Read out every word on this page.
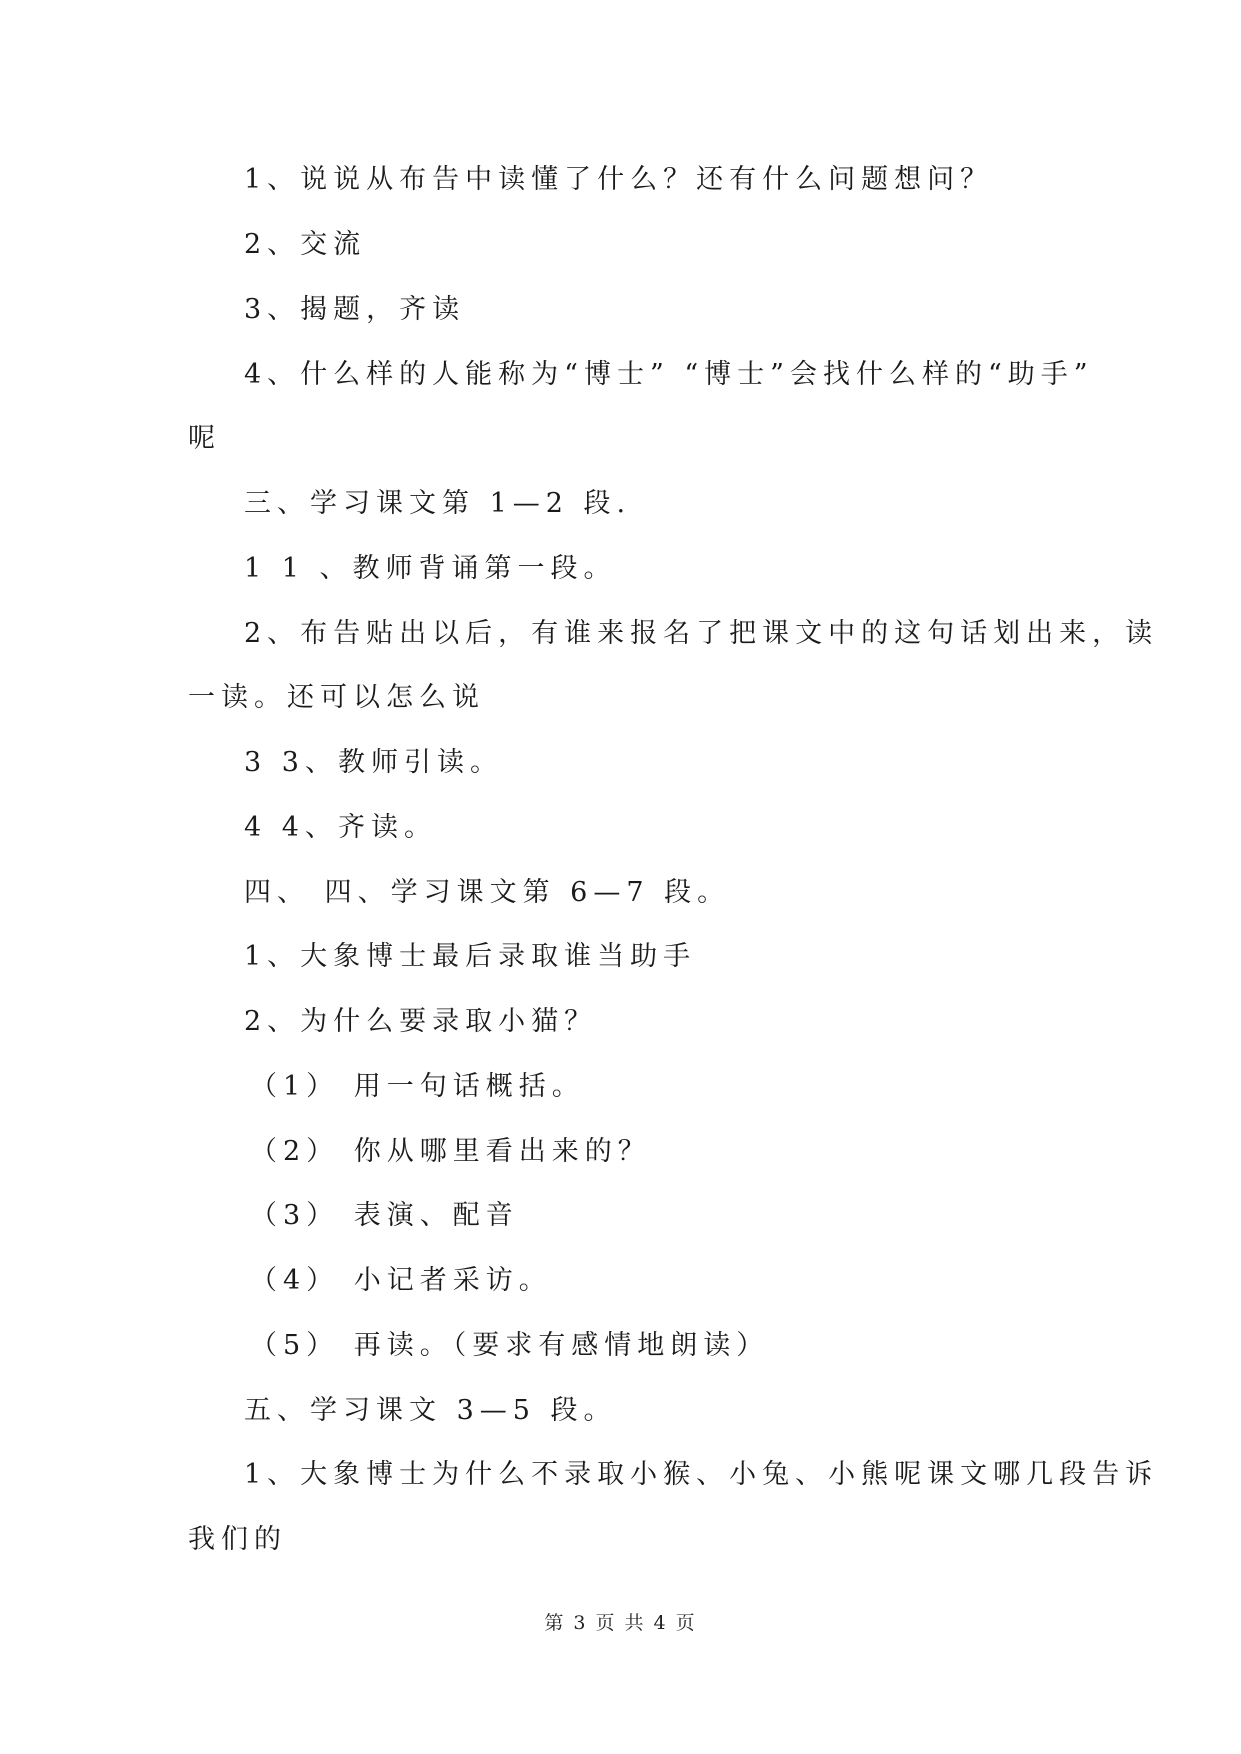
1、说说从布告中读懂了什么？还有什么问题想问？
2、交流
3、揭题，齐读
4、什么样的人能称为“博士” “博士”会找什么样的“助手”
呢
三、学习课文第 1—2 段.
1 1 、教师背诵第一段。
2、布告贴出以后，有谁来报名了把课文中的这句话划出来，读
一读。还可以怎么说
3 3、教师引读。
4 4、齐读。
四、 四、学习课文第 6—7 段。
1、大象博士最后录取谁当助手
2、为什么要录取小猫？
（1） 用一句话概括。
（2） 你从哪里看出来的？
（3） 表演、配音
（4） 小记者采访。
（5） 再读。（要求有感情地朗读）
五、学习课文 3—5 段。
1、大象博士为什么不录取小猴、小兔、小熊呢课文哪几段告诉
我们的
第 3 页 共 4 页
